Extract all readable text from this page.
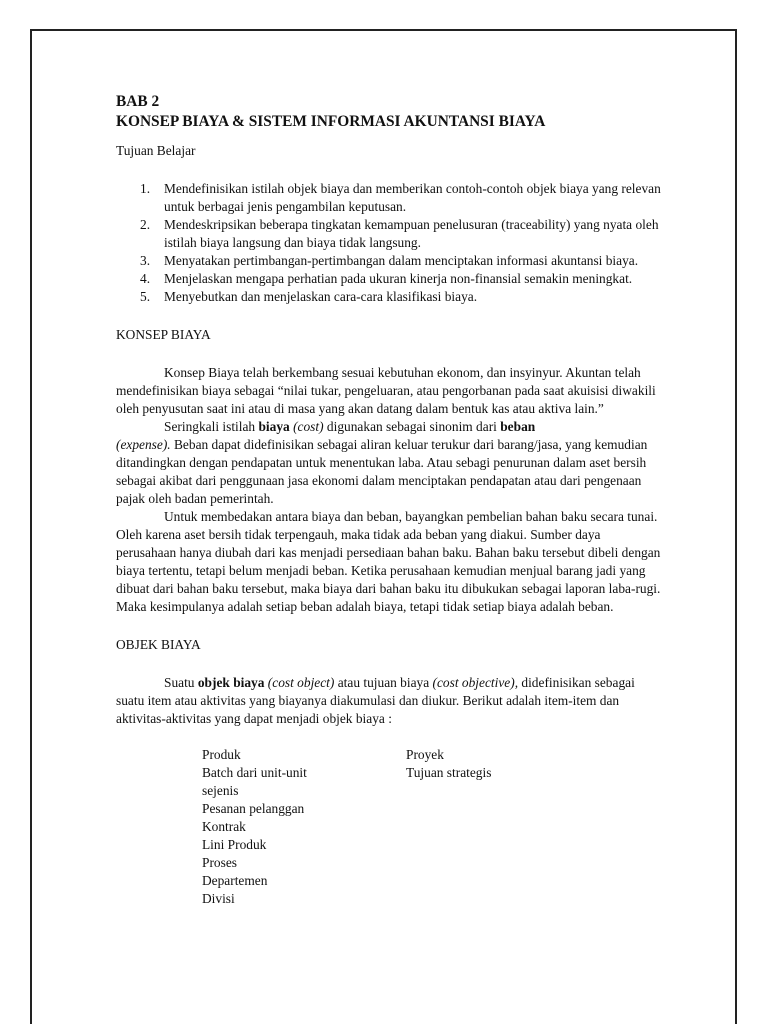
BAB 2
KONSEP BIAYA & SISTEM INFORMASI AKUNTANSI BIAYA

Tujuan Belajar

1. Mendefinisikan istilah objek biaya dan memberikan contoh-contoh objek biaya yang relevan untuk berbagai jenis pengambilan keputusan.
2. Mendeskripsikan beberapa tingkatan kemampuan penelusuran (traceability) yang nyata oleh istilah biaya langsung dan biaya tidak langsung.
3. Menyatakan pertimbangan-pertimbangan dalam menciptakan informasi akuntansi biaya.
4. Menjelaskan mengapa perhatian pada ukuran kinerja non-finansial semakin meningkat.
5. Menyebutkan dan menjelaskan cara-cara klasifikasi biaya.

KONSEP BIAYA

Konsep Biaya telah berkembang sesuai kebutuhan ekonom, dan insyinyur. Akuntan telah mendefinisikan biaya sebagai “nilai tukar, pengeluaran, atau pengorbanan pada saat akuisisi diwakili oleh penyusutan saat ini atau di masa yang akan datang dalam bentuk kas atau aktiva lain.”

Seringkali istilah biaya (cost) digunakan sebagai sinonim dari beban
(expense). Beban dapat didefinisikan sebagai aliran keluar terukur dari barang/jasa, yang kemudian ditandingkan dengan pendapatan untuk menentukan laba. Atau sebagi penurunan dalam aset bersih sebagai akibat dari penggunaan jasa ekonomi dalam menciptakan pendapatan atau dari pengenaan pajak oleh badan pemerintah.

Untuk membedakan antara biaya dan beban, bayangkan pembelian bahan baku secara tunai. Oleh karena aset bersih tidak terpengauh, maka tidak ada beban yang diakui. Sumber daya perusahaan hanya diubah dari kas menjadi persediaan bahan baku. Bahan baku tersebut dibeli dengan biaya tertentu, tetapi belum menjadi beban. Ketika perusahaan kemudian menjual barang jadi yang dibuat dari bahan baku tersebut, maka biaya dari bahan baku itu dibukukan sebagai laporan laba-rugi. Maka kesimpulanya adalah setiap beban adalah biaya, tetapi tidak setiap biaya adalah beban.

OBJEK BIAYA

Suatu objek biaya (cost object) atau tujuan biaya (cost objective), didefinisikan sebagai suatu item atau aktivitas yang biayanya diakumulasi dan diukur. Berikut adalah item-item dan aktivitas-aktivitas yang dapat menjadi objek biaya :

Produk
Batch dari unit-unit
sejenis
Pesanan pelanggan
Kontrak
Lini Produk
Proses
Departemen
Divisi
Proyek
Tujuan strategis
